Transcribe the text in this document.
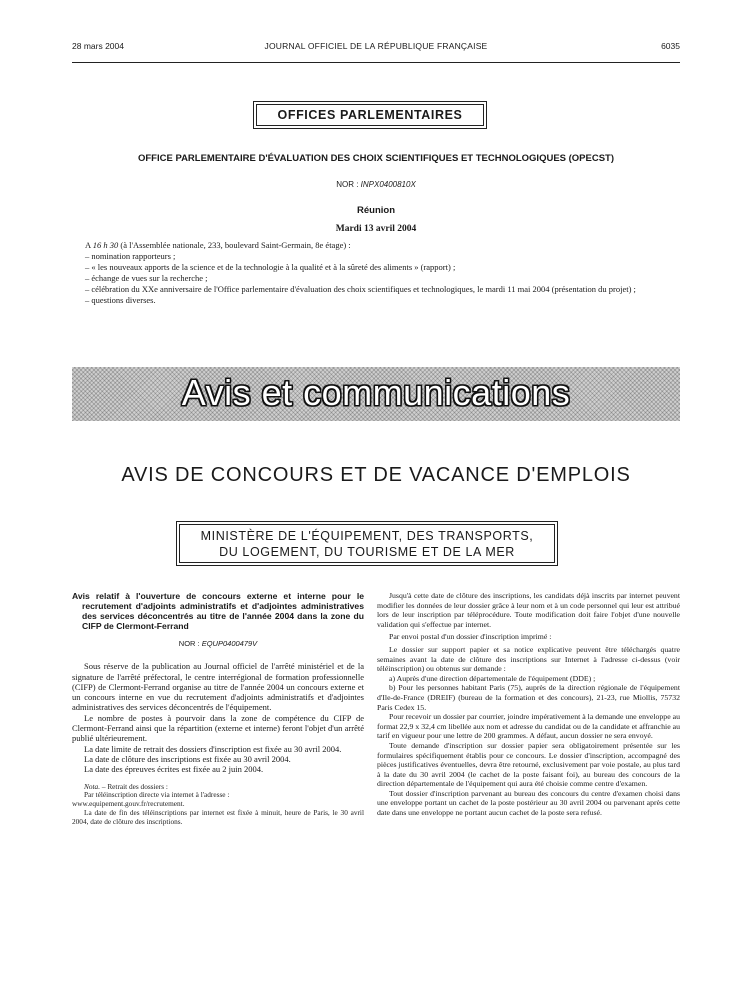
28 mars 2004	JOURNAL OFFICIEL DE LA RÉPUBLIQUE FRANÇAISE	6035
OFFICES PARLEMENTAIRES
OFFICE PARLEMENTAIRE D'ÉVALUATION DES CHOIX SCIENTIFIQUES ET TECHNOLOGIQUES (OPECST)
NOR : INPX0400810X
Réunion
Mardi 13 avril 2004

A 16 h 30 (à l'Assemblée nationale, 233, boulevard Saint-Germain, 8e étage) :

– nomination rapporteurs ;

– « les nouveaux apports de la science et de la technologie à la qualité et à la sûreté des aliments » (rapport) ;

– échange de vues sur la recherche ;

– célébration du XXe anniversaire de l'Office parlementaire d'évaluation des choix scientifiques et technologiques, le mardi 11 mai 2004 (présentation du projet) ;

– questions diverses.

Avis et communications
AVIS DE CONCOURS ET DE VACANCE D'EMPLOIS
MINISTÈRE DE L'ÉQUIPEMENT, DES TRANSPORTS,
DU LOGEMENT, DU TOURISME ET DE LA MER
Avis relatif à l'ouverture de concours externe et interne pour le recrutement d'adjoints administratifs et d'adjointes administratives des services déconcentrés au titre de l'année 2004 dans la zone du CIFP de Clermont-Ferrand

NOR : EQUP0400479V

Sous réserve de la publication au Journal officiel de l'arrêté ministériel et de la signature de l'arrêté préfectoral, le centre interrégional de formation professionnelle (CIFP) de Clermont-Ferrand organise au titre de l'année 2004 un concours externe et un concours interne en vue du recrutement d'adjoints administratifs et d'adjointes administratives des services déconcentrés de l'équipement.

Le nombre de postes à pourvoir dans la zone de compétence du CIFP de Clermont-Ferrand ainsi que la répartition (externe et interne) feront l'objet d'un arrêté publié ultérieurement.

La date limite de retrait des dossiers d'inscription est fixée au 30 avril 2004.

La date de clôture des inscriptions est fixée au 30 avril 2004.

La date des épreuves écrites est fixée au 2 juin 2004.

Nota. – Retrait des dossiers :

Par téléinscription directe via internet à l'adresse :

www.equipement.gouv.fr/recrutement.

La date de fin des téléinscriptions par internet est fixée à minuit, heure de Paris, le 30 avril 2004, date de clôture des inscriptions.

Jusqu'à cette date de clôture des inscriptions, les candidats déjà inscrits par internet peuvent modifier les données de leur dossier grâce à leur nom et à un code personnel qui leur est attribué lors de leur inscription par téléprocédure. Toute modification doit faire l'objet d'une nouvelle validation qui s'effectue par internet.

Par envoi postal d'un dossier d'inscription imprimé :

Le dossier sur support papier et sa notice explicative peuvent être téléchargés quatre semaines avant la date de clôture des inscriptions sur Internet à l'adresse ci-dessus (voir téléinscription) ou obtenus sur demande :

a) Auprès d'une direction départementale de l'équipement (DDE) ;

b) Pour les personnes habitant Paris (75), auprès de la direction régionale de l'équipement d'Ile-de-France (DREIF) (bureau de la formation et des concours), 21-23, rue Miollis, 75732 Paris Cedex 15.

Pour recevoir un dossier par courrier, joindre impérativement à la demande une enveloppe au format 22,9 x 32,4 cm libellée aux nom et adresse du candidat ou de la candidate et affranchie au tarif en vigueur pour une lettre de 200 grammes. A défaut, aucun dossier ne sera envoyé.

Toute demande d'inscription sur dossier papier sera obligatoirement présentée sur les formulaires spécifiquement établis pour ce concours. Le dossier d'inscription, accompagné des pièces justificatives éventuelles, devra être retourné, exclusivement par voie postale, au plus tard à la date du 30 avril 2004 (le cachet de la poste faisant foi), au bureau des concours de la direction départementale de l'équipement qui aura été choisie comme centre d'examen.

Tout dossier d'inscription parvenant au bureau des concours du centre d'examen choisi dans une enveloppe portant un cachet de la poste postérieur au 30 avril 2004 ou parvenant après cette date dans une enveloppe ne portant aucun cachet de la poste sera refusé.
